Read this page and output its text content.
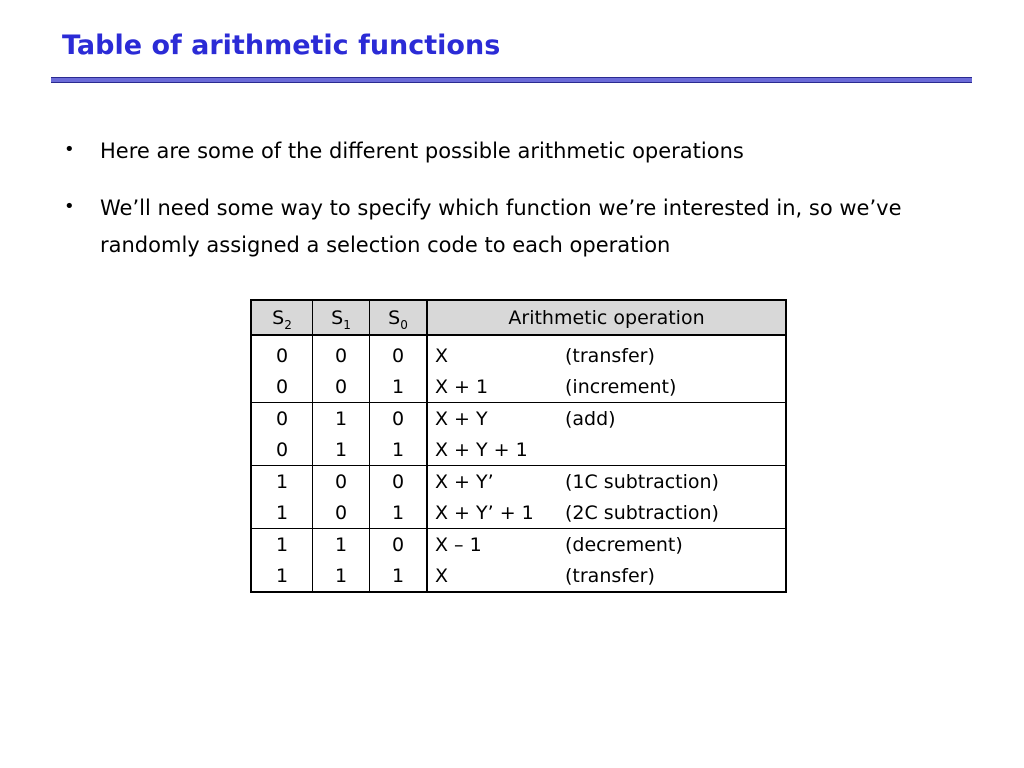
Table of arithmetic functions
• Here are some of the different possible arithmetic operations
• We’ll need some way to specify which function we’re interested in, so we’ve randomly assigned a selection code to each operation
$S_2$	$S_1$	$S_0$	Arithmetic operation	
0	0	0	X	(transfer)
0	0	1	X + 1	(increment)
0	1	0	X + Y	(add)
0	1	1	X + Y + 1	
1	0	0	X + Y’	(1C subtraction)
1	0	1	X + Y’ + 1	(2C subtraction)
1	1	0	X – 1	(decrement)
1	1	1	X	(transfer)
